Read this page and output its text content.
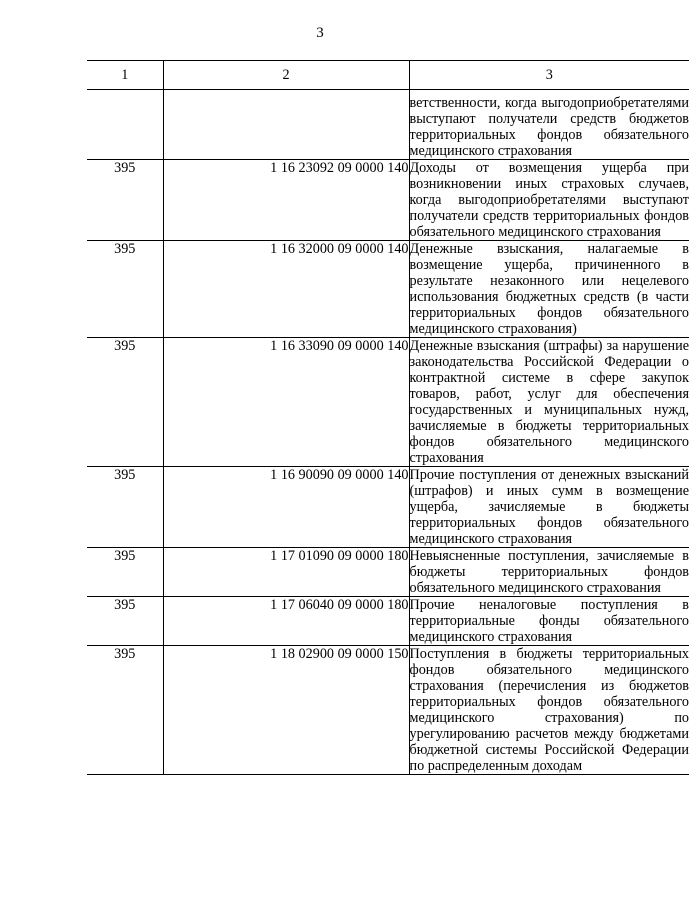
3
1	2	3
		ветственности, когда выгодоприобретателями выступают получатели средств бюджетов территориальных фондов обязательного медицинского страхования
395	1 16 23092 09 0000 140	Доходы от возмещения ущерба при возникновении иных страховых случаев, когда выгодоприобретателями выступают получатели средств территориальных фондов обязательного медицинского страхования
395	1 16 32000 09 0000 140	Денежные взыскания, налагаемые в возмещение ущерба, причиненного в результате незаконного или нецелевого использования бюджетных средств (в части территориальных фондов обязательного медицинского страхования)
395	1 16 33090 09 0000 140	Денежные взыскания (штрафы) за нарушение законодательства Российской Федерации о контрактной системе в сфере закупок товаров, работ, услуг для обеспечения государственных и муниципальных нужд, зачисляемые в бюджеты территориальных фондов обязательного медицинского страхования
395	1 16 90090 09 0000 140	Прочие поступления от денежных взысканий (штрафов) и иных сумм в возмещение ущерба, зачисляемые в бюджеты территориальных фондов обязательного медицинского страхования
395	1 17 01090 09 0000 180	Невыясненные поступления, зачисляемые в бюджеты территориальных фондов обязательного медицинского страхования
395	1 17 06040 09 0000 180	Прочие неналоговые поступления в территориальные фонды обязательного медицинского страхования
395	1 18 02900 09 0000 150	Поступления в бюджеты территориальных фондов обязательного медицинского страхования (перечисления из бюджетов территориальных фондов обязательного медицинского страхования) по урегулированию расчетов между бюджетами бюджетной системы Российской Федерации по распределенным доходам
